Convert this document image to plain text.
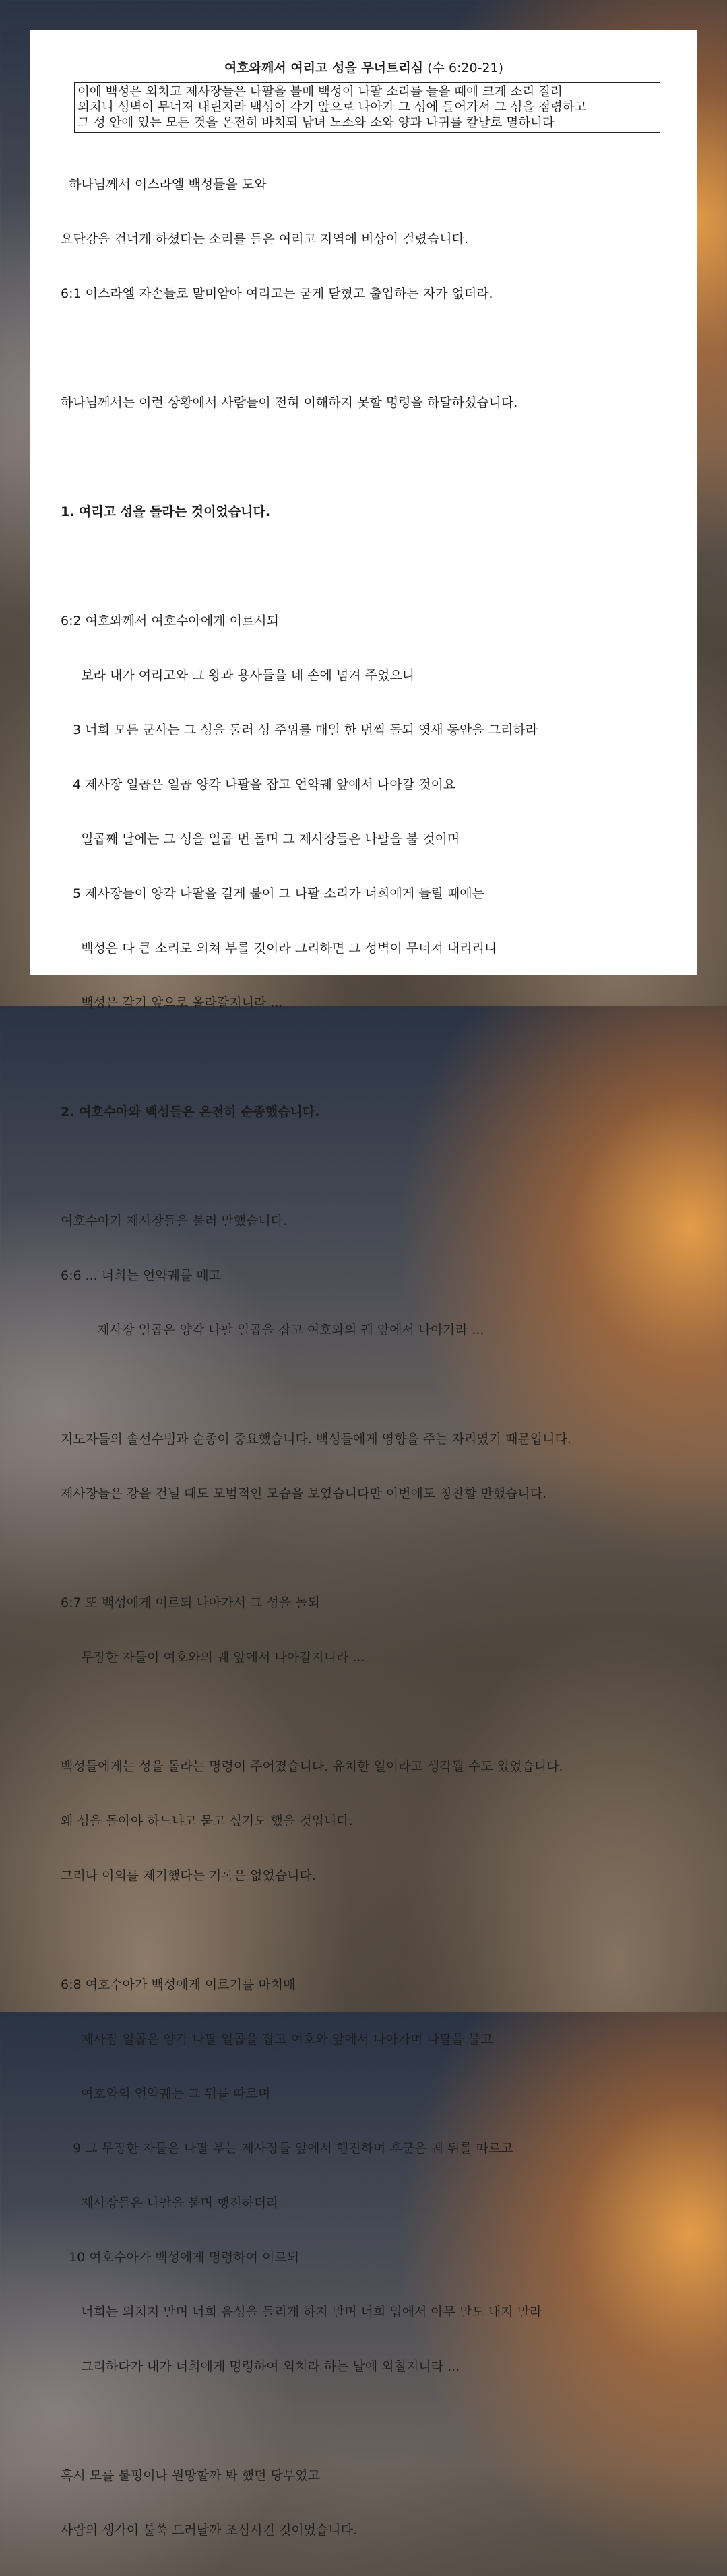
여호와께서 여리고 성을 무너트리심 (수 6:20-21)
이에 백성은 외치고 제사장들은 나팔을 불매 백성이 나팔 소리를 들을 때에 크게 소리 질러
외치니 성벽이 무너져 내린지라 백성이 각기 앞으로 나아가 그 성에 들어가서 그 성을 점령하고
그 성 안에 있는 모든 것을 온전히 바치되 남녀 노소와 소와 양과 나귀를 칼날로 멸하니라

하나님께서 이스라엘 백성들을 도와

요단강을 건너게 하셨다는 소리를 들은 여리고 지역에 비상이 걸렸습니다.

6:1 이스라엘 자손들로 말미암아 여리고는 굳게 닫혔고 출입하는 자가 없더라.

하나님께서는 이런 상황에서 사람들이 전혀 이해하지 못할 명령을 하달하셨습니다.

1. 여리고 성을 돌라는 것이었습니다.

6:2 여호와께서 여호수아에게 이르시되

보라 내가 여리고와 그 왕과 용사들을 네 손에 넘겨 주었으니

3 너희 모든 군사는 그 성을 둘러 성 주위를 매일 한 번씩 돌되 엿새 동안을 그리하라

4 제사장 일곱은 일곱 양각 나팔을 잡고 언약궤 앞에서 나아갈 것이요

일곱째 날에는 그 성을 일곱 번 돌며 그 제사장들은 나팔을 불 것이며

5 제사장들이 양각 나팔을 길게 불어 그 나팔 소리가 너희에게 들릴 때에는

백성은 다 큰 소리로 외쳐 부를 것이라 그리하면 그 성벽이 무너져 내리리니

백성은 각기 앞으로 올라갈지니라 ...

2. 여호수아와 백성들은 온전히 순종했습니다.

여호수아가 제사장들을 불러 말했습니다.

6:6 ... 너희는 언약궤를 메고

제사장 일곱은 양각 나팔 일곱을 잡고 여호와의 궤 앞에서 나아가라 ...

지도자들의 솔선수범과 순종이 중요했습니다. 백성들에게 영향을 주는 자리였기 때문입니다.

제사장들은 강을 건널 때도 모범적인 모습을 보였습니다만 이번에도 칭찬할 만했습니다.

6:7 또 백성에게 이르되 나아가서 그 성을 돌되

무장한 자들이 여호와의 궤 앞에서 나아갈지니라 ...

백성들에게는 성을 돌라는 명령이 주어졌습니다. 유치한 일이라고 생각될 수도 있었습니다.

왜 성을 돌아야 하느냐고 묻고 싶기도 했을 것입니다.

그러나 이의를 제기했다는 기록은 없었습니다.

6:8 여호수아가 백성에게 이르기를 마치매

제사장 일곱은 양각 나팔 일곱을 잡고 여호와 앞에서 나아가며 나팔을 불고

여호와의 언약궤는 그 뒤를 따르며

9 그 무장한 자들은 나팔 부는 제사장들 앞에서 행진하며 후군은 궤 뒤를 따르고

제사장들은 나팔을 불며 행진하더라

10 여호수아가 백성에게 명령하여 이르되

너희는 외치지 말며 너희 음성을 들리게 하지 말며 너희 입에서 아무 말도 내지 말라

그리하다가 내가 너희에게 명령하여 외치라 하는 날에 외칠지니라 ...

혹시 모를 불평이나 원망할까 봐 했던 당부였고

사람의 생각이 불쑥 드러날까 조심시킨 것이었습니다.
